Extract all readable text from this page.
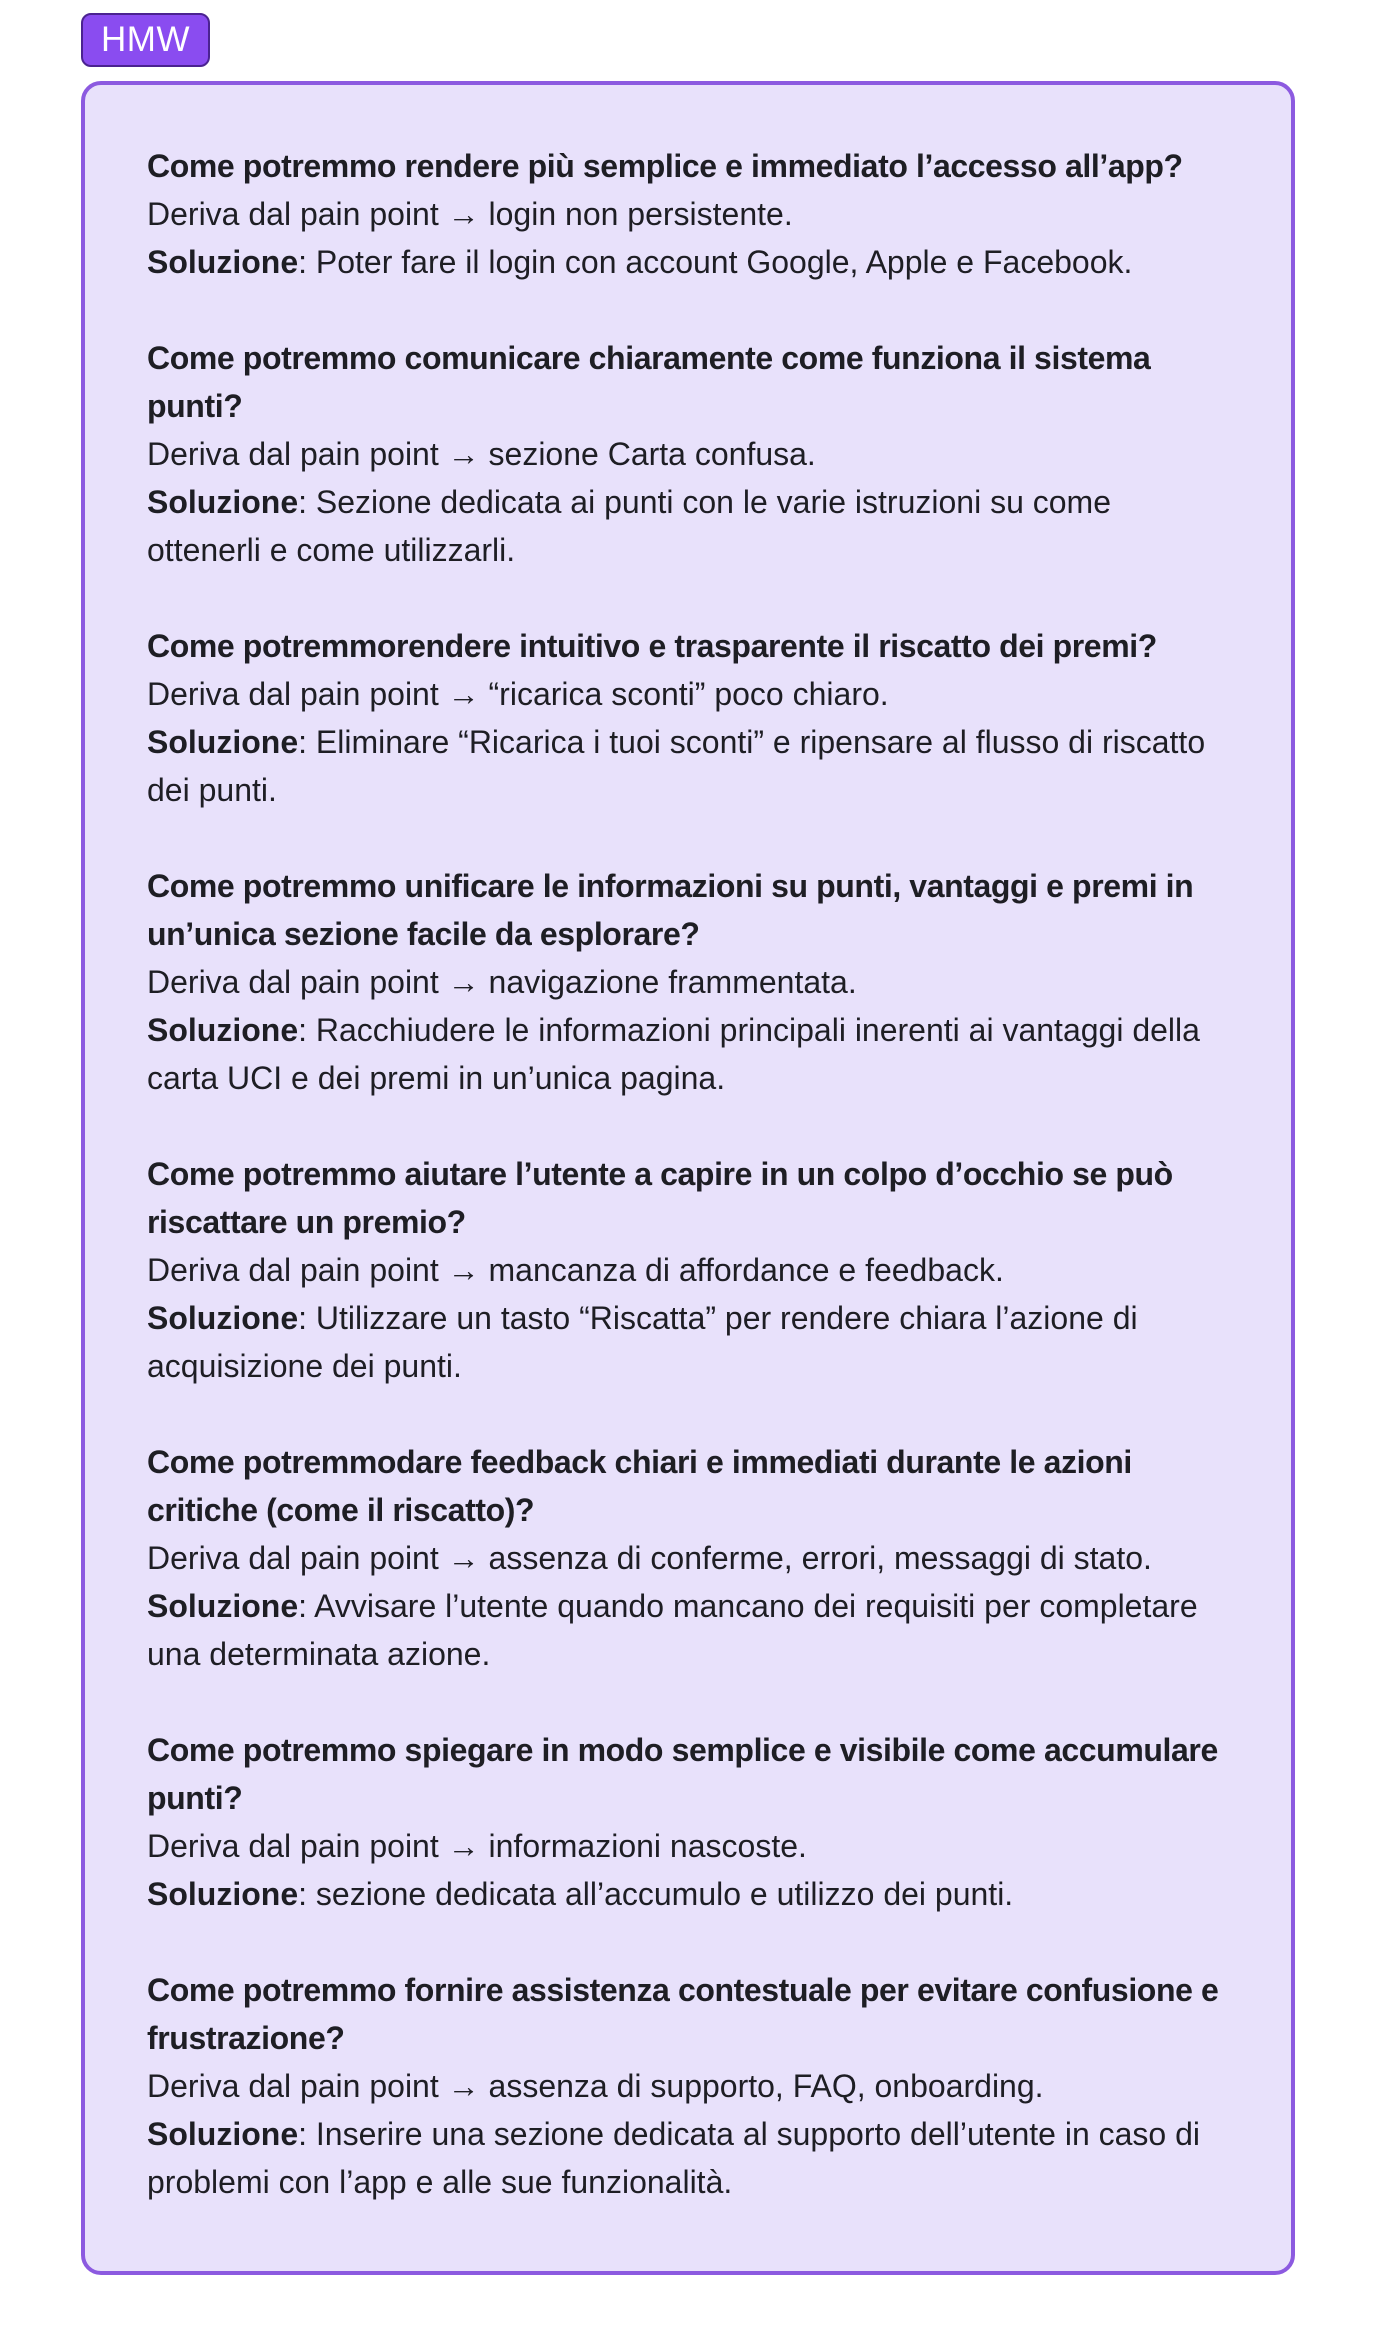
HMW

Come potremmo rendere più semplice e immediato l’accesso all’app?

Deriva dal pain point → login non persistente.

Soluzione: Poter fare il login con account Google, Apple e Facebook.

Come potremmo comunicare chiaramente come funziona il sistema punti?

Deriva dal pain point → sezione Carta confusa.

Soluzione: Sezione dedicata ai punti con le varie istruzioni su come ottenerli e come utilizzarli.

Come potremmorendere intuitivo e trasparente il riscatto dei premi?

Deriva dal pain point → “ricarica sconti” poco chiaro.

Soluzione: Eliminare “Ricarica i tuoi sconti” e ripensare al flusso di riscatto dei punti.

Come potremmo unificare le informazioni su punti, vantaggi e premi in un’unica sezione facile da esplorare?

Deriva dal pain point → navigazione frammentata.

Soluzione: Racchiudere le informazioni principali inerenti ai vantaggi della carta UCI e dei premi in un’unica pagina.

Come potremmo aiutare l’utente a capire in un colpo d’occhio se può riscattare un premio?

Deriva dal pain point → mancanza di affordance e feedback.

Soluzione: Utilizzare un tasto “Riscatta” per rendere chiara l’azione di acquisizione dei punti.

Come potremmodare feedback chiari e immediati durante le azioni critiche (come il riscatto)?

Deriva dal pain point → assenza di conferme, errori, messaggi di stato.

Soluzione: Avvisare l’utente quando mancano dei requisiti per completare una determinata azione.

Come potremmo spiegare in modo semplice e visibile come accumulare punti?

Deriva dal pain point → informazioni nascoste.

Soluzione: sezione dedicata all’accumulo e utilizzo dei punti.

Come potremmo fornire assistenza contestuale per evitare confusione e frustrazione?

Deriva dal pain point → assenza di supporto, FAQ, onboarding.

Soluzione: Inserire una sezione dedicata al supporto dell’utente in caso di problemi con l’app e alle sue funzionalità.
